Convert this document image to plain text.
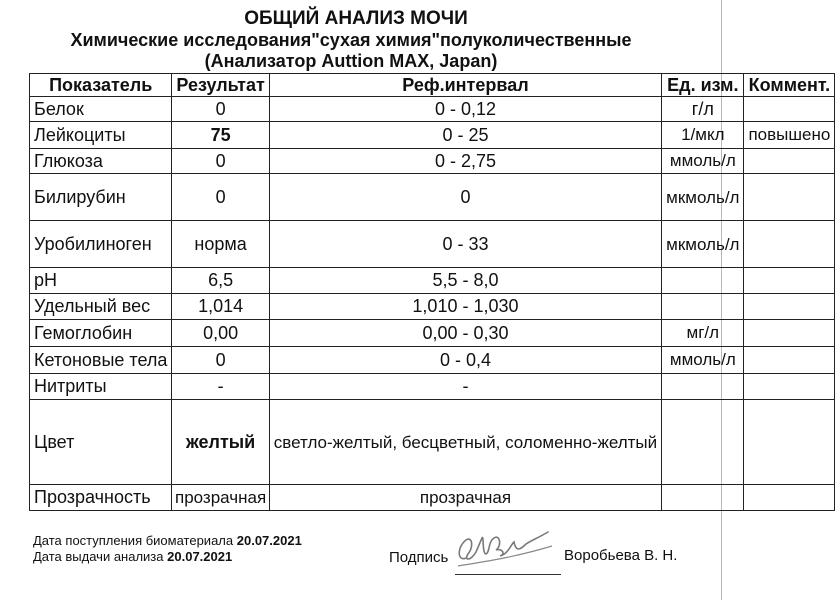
ОБЩИЙ АНАЛИЗ МОЧИ
Химические исследования"сухая химия"полуколичественные
(Анализатор Auttion MAX, Japan)
Показатель	Результат	Реф.интервал	Ед. изм.	Коммент.
Белок	0	0 - 0,12	г/л	
Лейкоциты	75	0 - 25	1/мкл	повышено
Глюкоза	0	0 - 2,75	ммоль/л	
Билирубин	0	0	мкмоль/л	
Уробилиноген	норма	0 - 33	мкмоль/л	
pH	6,5	5,5 - 8,0		
Удельный вес	1,014	1,010 - 1,030		
Гемоглобин	0,00	0,00 - 0,30	мг/л	
Кетоновые тела	0	0 - 0,4	ммоль/л	
Нитриты	-	-		
Цвет	желтый	светло-желтый, бесцветный, соломенно-желтый		
Прозрачность	прозрачная	прозрачная		
Дата поступления биоматериала 20.07.2021
Дата выдачи анализа 20.07.2021	Подпись	Воробьева В. Н.
